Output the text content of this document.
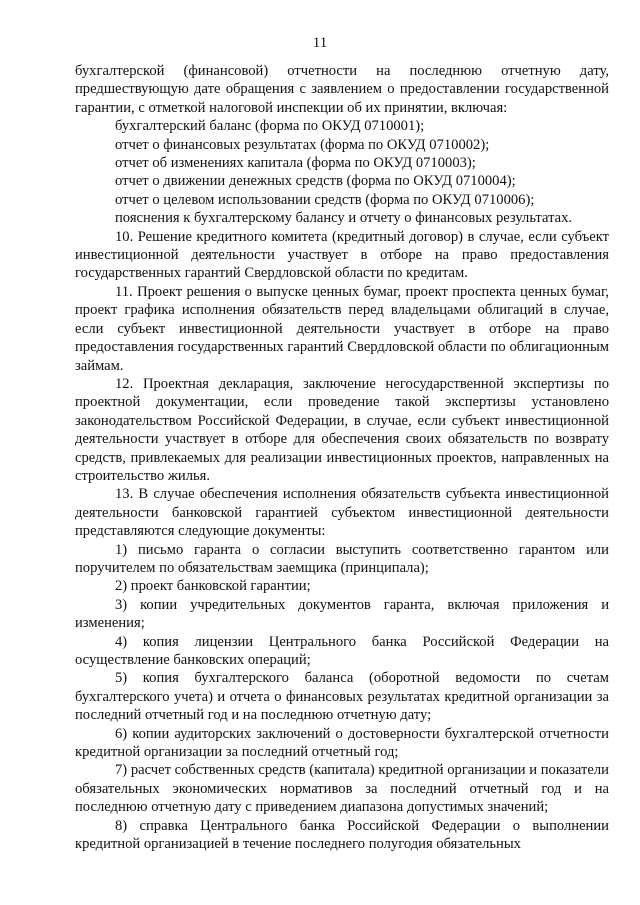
11

бухгалтерской (финансовой) отчетности на последнюю отчетную дату, предшествующую дате обращения с заявлением о предоставлении государственной гарантии, с отметкой налоговой инспекции об их принятии, включая:

бухгалтерский баланс (форма по ОКУД 0710001);

отчет о финансовых результатах (форма по ОКУД 0710002);

отчет об изменениях капитала (форма по ОКУД 0710003);

отчет о движении денежных средств (форма по ОКУД 0710004);

отчет о целевом использовании средств (форма по ОКУД 0710006);

пояснения к бухгалтерскому балансу и отчету о финансовых результатах.

10. Решение кредитного комитета (кредитный договор) в случае, если субъект инвестиционной деятельности участвует в отборе на право предоставления государственных гарантий Свердловской области по кредитам.

11. Проект решения о выпуске ценных бумаг, проект проспекта ценных бумаг, проект графика исполнения обязательств перед владельцами облигаций в случае, если субъект инвестиционной деятельности участвует в отборе на право предоставления государственных гарантий Свердловской области по облигационным займам.

12. Проектная декларация, заключение негосударственной экспертизы по проектной документации, если проведение такой экспертизы установлено законодательством Российской Федерации, в случае, если субъект инвестиционной деятельности участвует в отборе для обеспечения своих обязательств по возврату средств, привлекаемых для реализации инвестиционных проектов, направленных на строительство жилья.

13. В случае обеспечения исполнения обязательств субъекта инвестиционной деятельности банковской гарантией субъектом инвестиционной деятельности представляются следующие документы:

1) письмо гаранта о согласии выступить соответственно гарантом или поручителем по обязательствам заемщика (принципала);

2) проект банковской гарантии;

3) копии учредительных документов гаранта, включая приложения и изменения;

4) копия лицензии Центрального банка Российской Федерации на осуществление банковских операций;

5) копия бухгалтерского баланса (оборотной ведомости по счетам бухгалтерского учета) и отчета о финансовых результатах кредитной организации за последний отчетный год и на последнюю отчетную дату;

6) копии аудиторских заключений о достоверности бухгалтерской отчетности кредитной организации за последний отчетный год;

7) расчет собственных средств (капитала) кредитной организации и показатели обязательных экономических нормативов за последний отчетный год и на последнюю отчетную дату с приведением диапазона допустимых значений;

8) справка Центрального банка Российской Федерации о выполнении кредитной организацией в течение последнего полугодия обязательных
